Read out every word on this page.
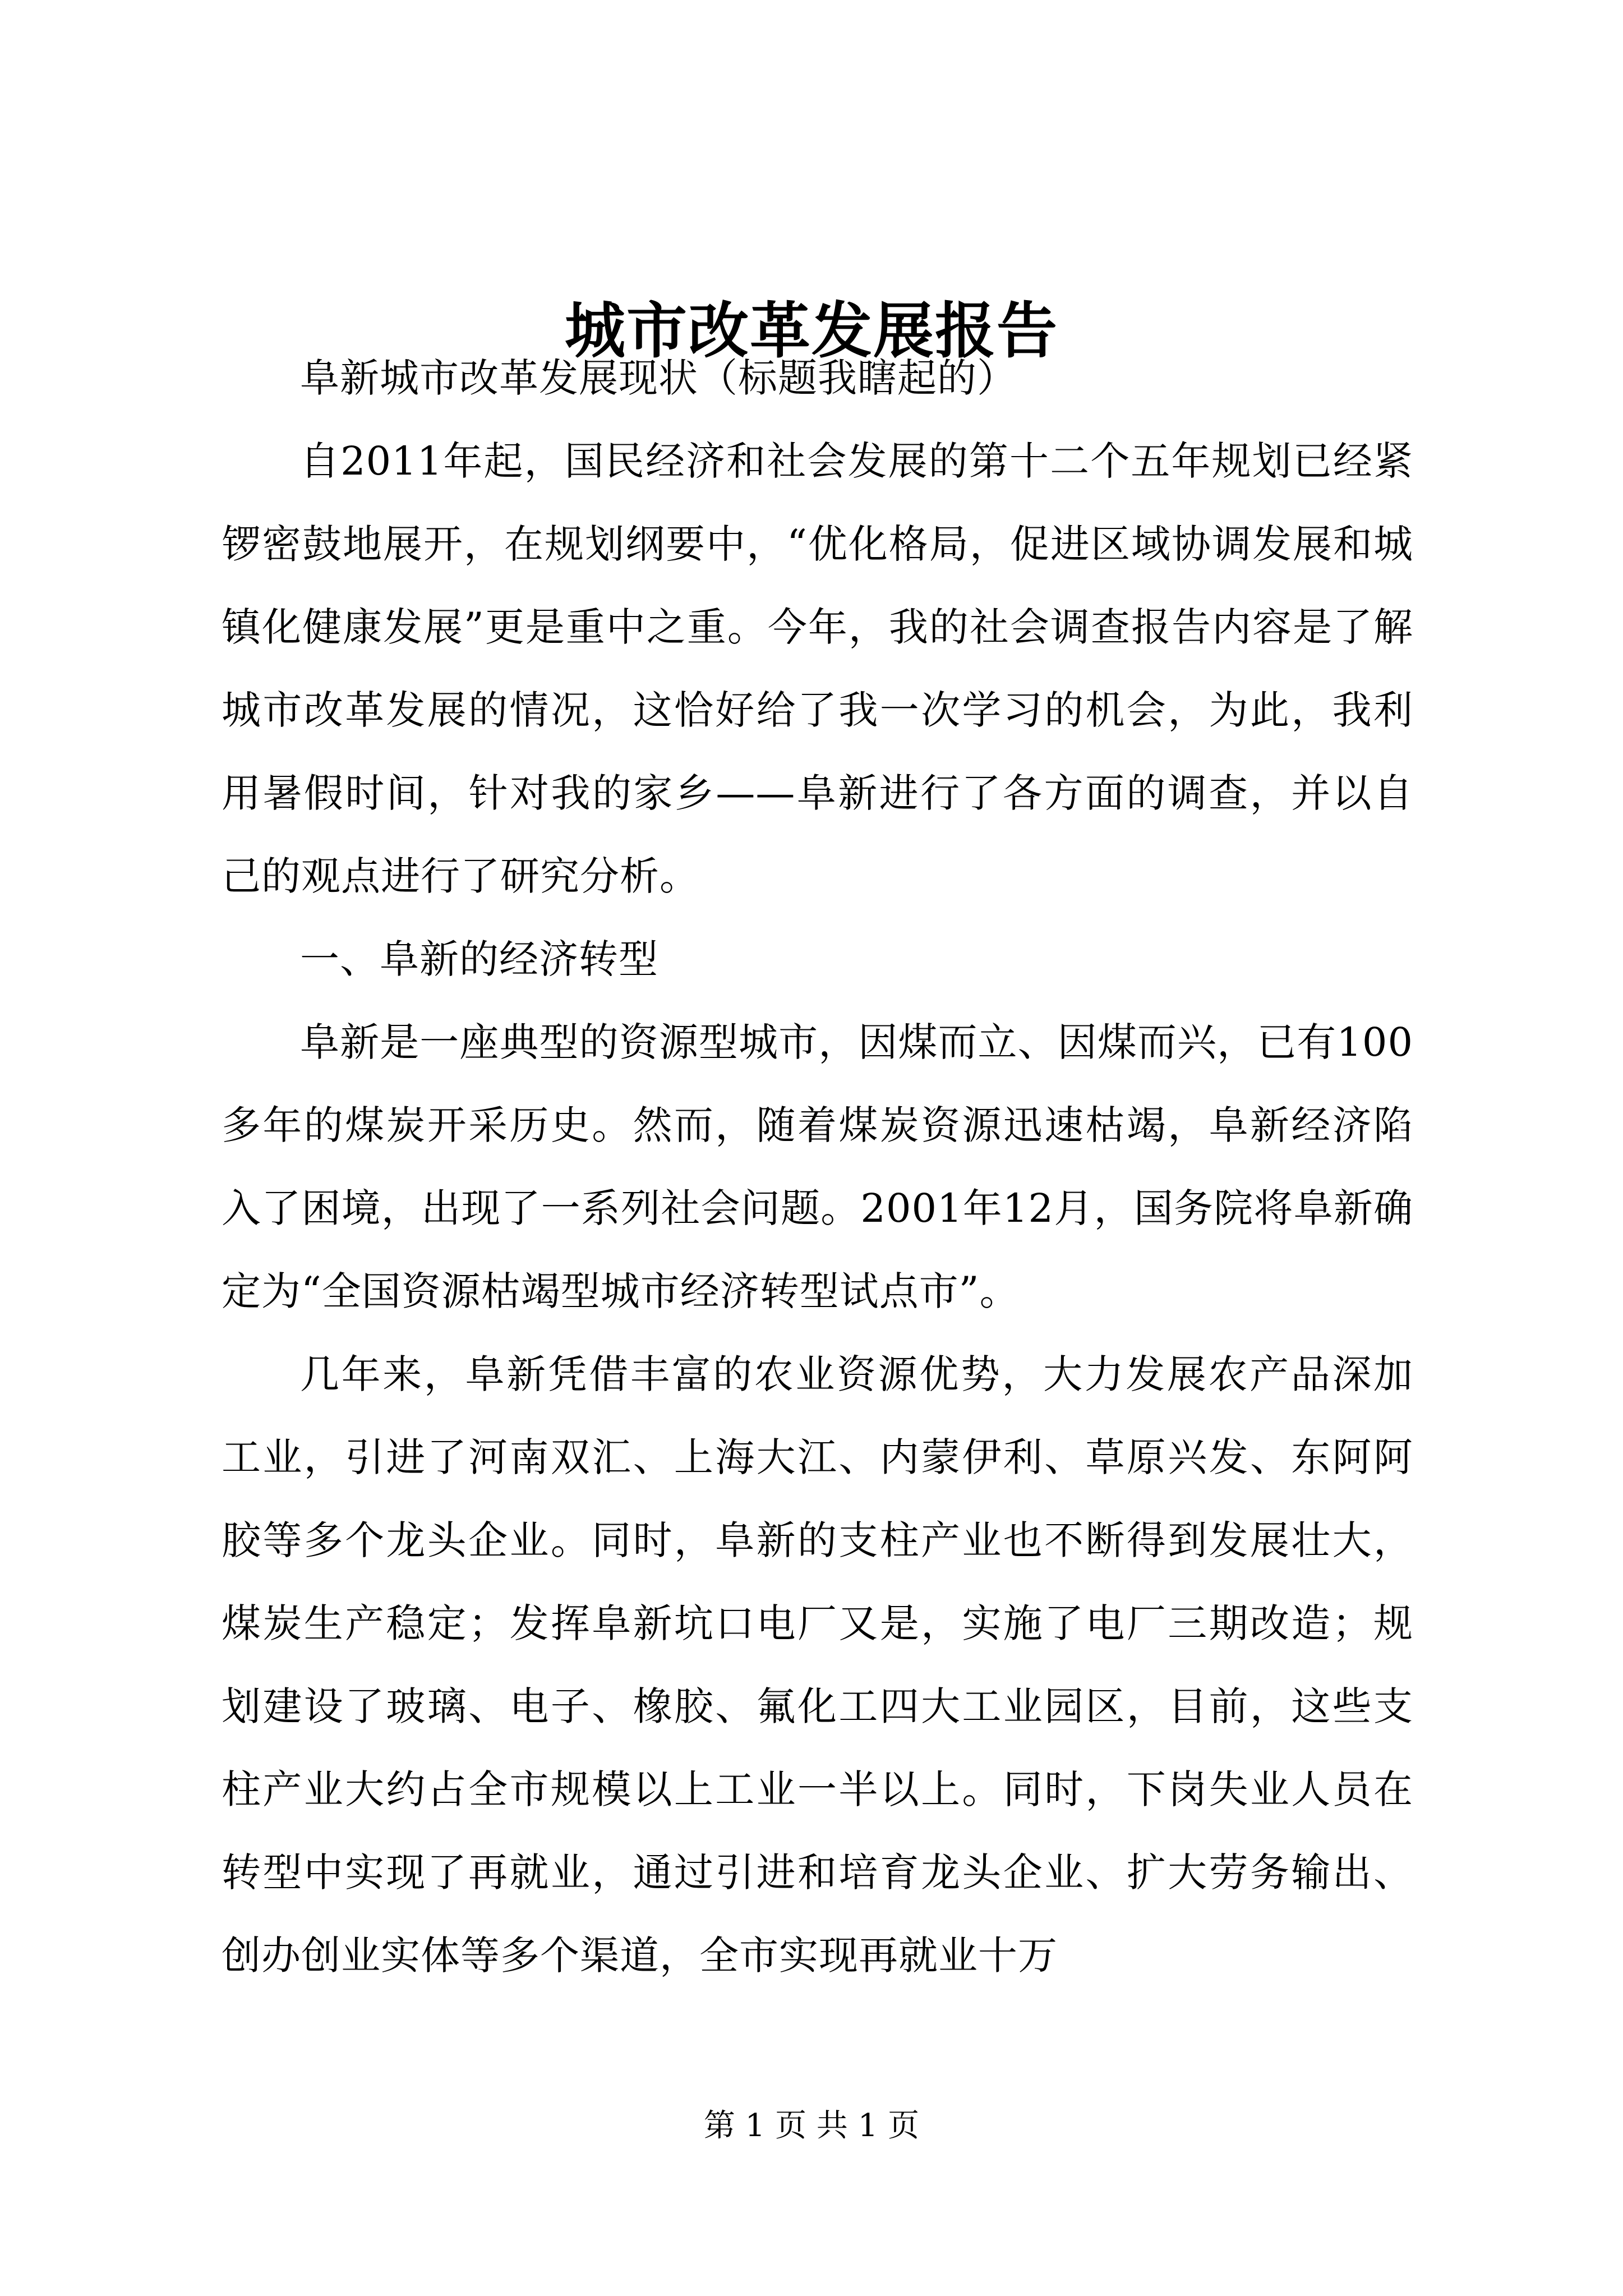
城市改革发展报告

阜新城市改革发展现状（标题我瞎起的）

自2011年起，国民经济和社会发展的第十二个五年规划已经紧锣密鼓地展开，在规划纲要中，“优化格局，促进区域协调发展和城镇化健康发展”更是重中之重。今年，我的社会调查报告内容是了解城市改革发展的情况，这恰好给了我一次学习的机会，为此，我利用暑假时间，针对我的家乡——阜新进行了各方面的调查，并以自己的观点进行了研究分析。

一、阜新的经济转型

阜新是一座典型的资源型城市，因煤而立、因煤而兴，已有100多年的煤炭开采历史。然而，随着煤炭资源迅速枯竭，阜新经济陷入了困境，出现了一系列社会问题。2001年12月，国务院将阜新确定为“全国资源枯竭型城市经济转型试点市”。

几年来，阜新凭借丰富的农业资源优势，大力发展农产品深加工业，引进了河南双汇、上海大江、内蒙伊利、草原兴发、东阿阿胶等多个龙头企业。同时，阜新的支柱产业也不断得到发展壮大，煤炭生产稳定；发挥阜新坑口电厂又是，实施了电厂三期改造；规划建设了玻璃、电子、橡胶、氟化工四大工业园区，目前，这些支柱产业大约占全市规模以上工业一半以上。同时，下岗失业人员在转型中实现了再就业，通过引进和培育龙头企业、扩大劳务输出、创办创业实体等多个渠道，全市实现再就业十万

第 1 页 共 1 页
